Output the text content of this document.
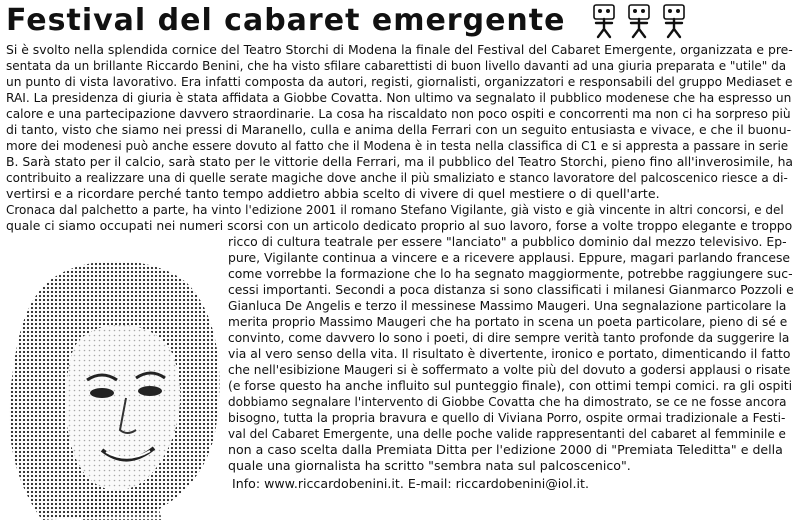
Festival del cabaret emergente
Si è svolto nella splendida cornice del Teatro Storchi di Modena la finale del Festival del Cabaret Emergente, organizzata e pre-
sentata da un brillante Riccardo Benini, che ha visto sfilare cabarettisti di buon livello davanti ad una giuria preparata e "utile" da
un punto di vista lavorativo. Era infatti composta da autori, registi, giornalisti, organizzatori e responsabili del gruppo Mediaset e
RAI. La presidenza di giuria è stata affidata a Giobbe Covatta. Non ultimo va segnalato il pubblico modenese che ha espresso un
calore e una partecipazione davvero straordinarie. La cosa ha riscaldato non poco ospiti e concorrenti ma non ci ha sorpreso più
di tanto, visto che siamo nei pressi di Maranello, culla e anima della Ferrari con un seguito entusiasta e vivace, e che il buonu-
more dei modenesi può anche essere dovuto al fatto che il Modena è in testa nella classifica di C1 e si appresta a passare in serie
B. Sarà stato per il calcio, sarà stato per le vittorie della Ferrari, ma il pubblico del Teatro Storchi, pieno fino all'inverosimile, ha
contribuito a realizzare una di quelle serate magiche dove anche il più smaliziato e stanco lavoratore del palcoscenico riesce a di-
vertirsi e a ricordare perché tanto tempo addietro abbia scelto di vivere di quel mestiere o di quell'arte.
Cronaca dal palchetto a parte, ha vinto l'edizione 2001 il romano Stefano Vigilante, già visto e già vincente in altri concorsi, e del
quale ci siamo occupati nei numeri scorsi con un articolo dedicato proprio al suo lavoro, forse a volte troppo elegante e troppo
ricco di cultura teatrale per essere "lanciato" a pubblico dominio dal mezzo televisivo. Ep-
pure, Vigilante continua a vincere e a ricevere applausi. Eppure, magari parlando francese
come vorrebbe la formazione che lo ha segnato maggiormente, potrebbe raggiungere suc-
cessi importanti. Secondi a poca distanza si sono classificati i milanesi Gianmarco Pozzoli e
Gianluca De Angelis e terzo il messinese Massimo Maugeri. Una segnalazione particolare la
merita proprio Massimo Maugeri che ha portato in scena un poeta particolare, pieno di sé e
convinto, come davvero lo sono i poeti, di dire sempre verità tanto profonde da suggerire la
via al vero senso della vita. Il risultato è divertente, ironico e portato, dimenticando il fatto
che nell'esibizione Maugeri si è soffermato a volte più del dovuto a godersi applausi o risate
(e forse questo ha anche influito sul punteggio finale), con ottimi tempi comici. ra gli ospiti
dobbiamo segnalare l'intervento di Giobbe Covatta che ha dimostrato, se ce ne fosse ancora
bisogno, tutta la propria bravura e quello di Viviana Porro, ospite ormai tradizionale a Festi-
val del Cabaret Emergente, una delle poche valide rappresentanti del cabaret al femminile e
non a caso scelta dalla Premiata Ditta per l'edizione 2000 di "Premiata Teleditta" e della
quale una giornalista ha scritto "sembra nata sul palcoscenico".
Info: www.riccardobenini.it. E-mail: riccardobenini@iol.it.
